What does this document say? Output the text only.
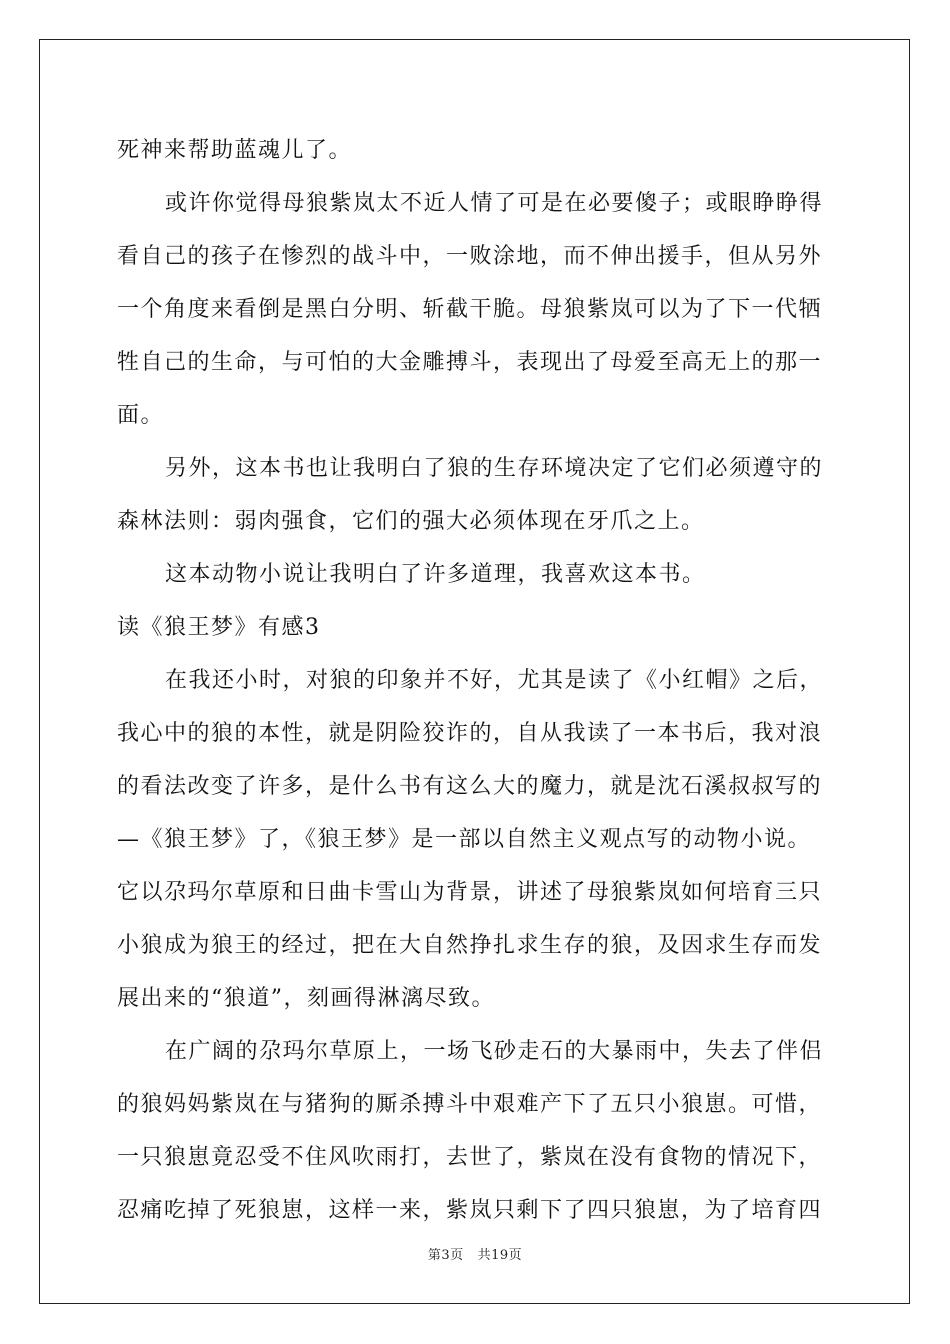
死神来帮助蓝魂儿了。
或许你觉得母狼紫岚太不近人情了可是在必要傻子；或眼睁睁得
看自己的孩子在惨烈的战斗中，一败涂地，而不伸出援手，但从另外
一个角度来看倒是黑白分明、斩截干脆。母狼紫岚可以为了下一代牺
牲自己的生命，与可怕的大金雕搏斗，表现出了母爱至高无上的那一
面。
另外，这本书也让我明白了狼的生存环境决定了它们必须遵守的
森林法则：弱肉强食，它们的强大必须体现在牙爪之上。
这本动物小说让我明白了许多道理，我喜欢这本书。
读《狼王梦》有感3
在我还小时，对狼的印象并不好，尤其是读了《小红帽》之后，
我心中的狼的本性，就是阴险狡诈的，自从我读了一本书后，我对浪
的看法改变了许多，是什么书有这么大的魔力，就是沈石溪叔叔写的
—《狼王梦》了，《狼王梦》是一部以自然主义观点写的动物小说。
它以尕玛尔草原和日曲卡雪山为背景，讲述了母狼紫岚如何培育三只
小狼成为狼王的经过，把在大自然挣扎求生存的狼，及因求生存而发
展出来的“狼道”，刻画得淋漓尽致。
在广阔的尕玛尔草原上，一场飞砂走石的大暴雨中，失去了伴侣
的狼妈妈紫岚在与猪狗的厮杀搏斗中艰难产下了五只小狼崽。可惜，
一只狼崽竟忍受不住风吹雨打，去世了，紫岚在没有食物的情况下，
忍痛吃掉了死狼崽，这样一来，紫岚只剩下了四只狼崽，为了培育四
第3页 共19页
